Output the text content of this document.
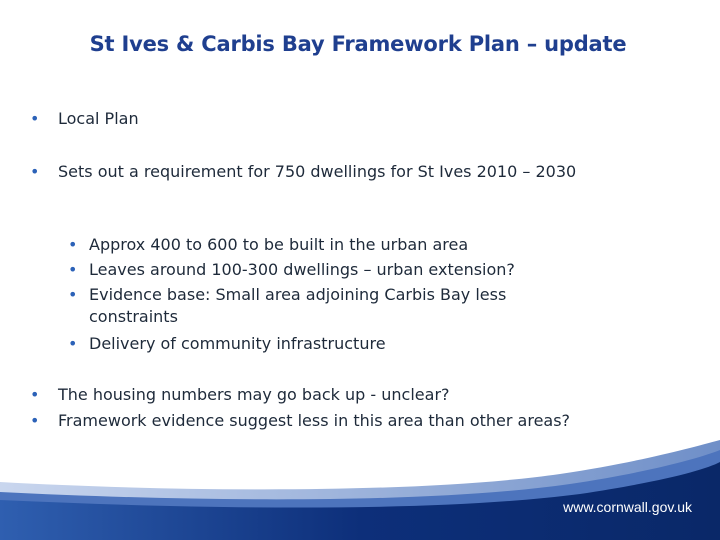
St Ives & Carbis Bay Framework Plan – update
•	Local Plan
•	Sets out a requirement for 750 dwellings for St Ives 2010 – 2030
• Approx 400 to 600 to be built in the urban area
• Leaves around 100-300 dwellings – urban extension?
• Evidence base: Small area adjoining Carbis Bay less constraints
• Delivery of community infrastructure
•	The housing numbers may go back up - unclear?
•	Framework evidence suggest less in this area than other areas?
www.cornwall.gov.uk
